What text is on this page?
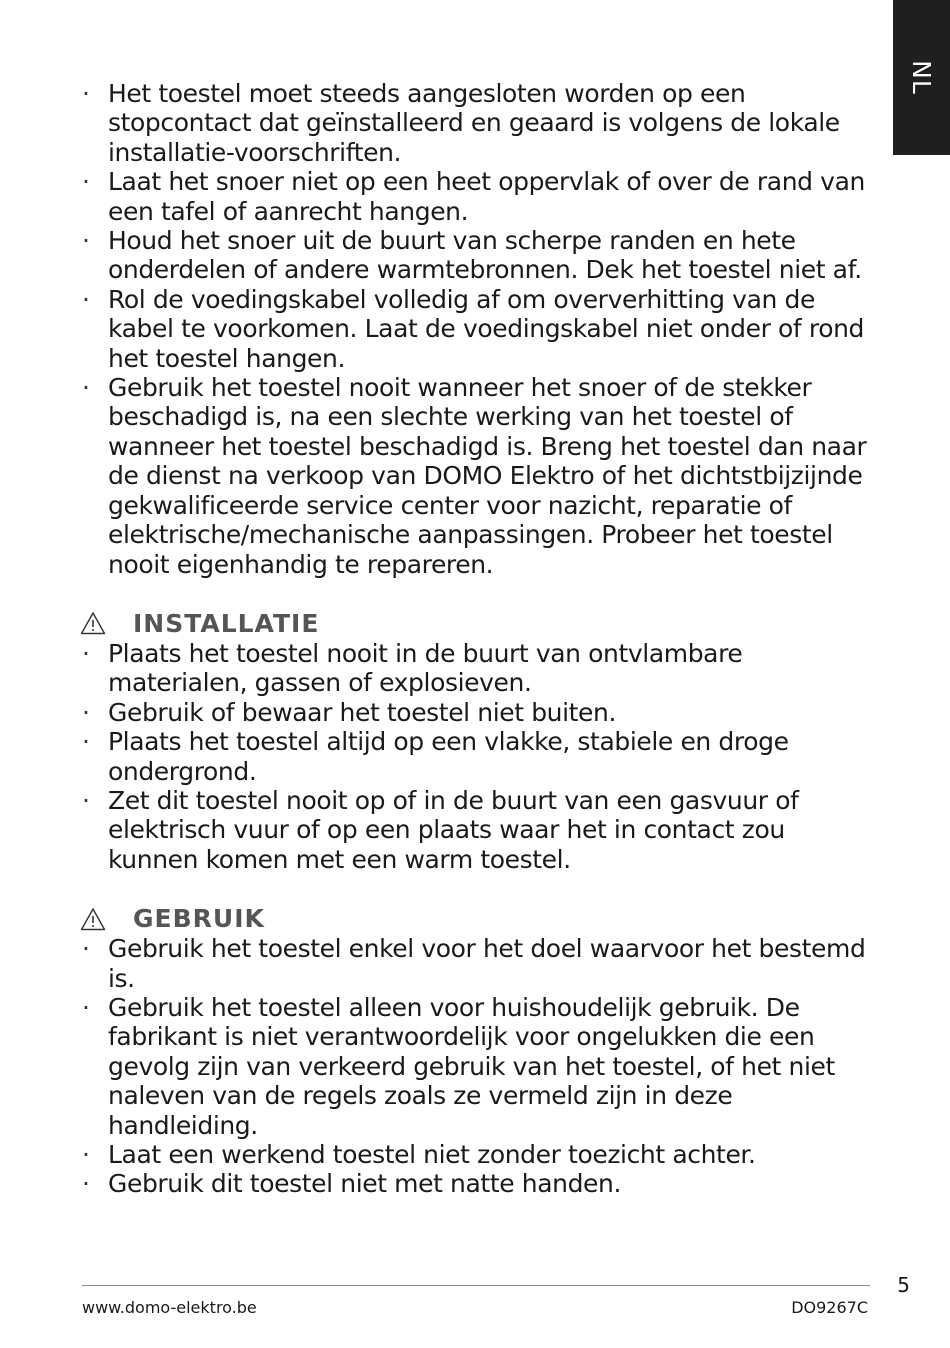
NL
· Het toestel moet steeds aangesloten worden op een stopcontact dat geïnstalleerd en geaard is volgens de lokale installatie-voorschriften.
· Laat het snoer niet op een heet oppervlak of over de rand van een tafel of aanrecht hangen.
· Houd het snoer uit de buurt van scherpe randen en hete onderdelen of andere warmtebronnen. Dek het toestel niet af.
· Rol de voedingskabel volledig af om oververhitting van de kabel te voorkomen. Laat de voedingskabel niet onder of rond het toestel hangen.
· Gebruik het toestel nooit wanneer het snoer of de stekker beschadigd is, na een slechte werking van het toestel of wanneer het toestel beschadigd is. Breng het toestel dan naar de dienst na verkoop van DOMO Elektro of het dichtstbijzijnde gekwalificeerde service center voor nazicht, reparatie of elektrische/mechanische aanpassingen. Probeer het toestel nooit eigenhandig te repareren.
INSTALLATIE
· Plaats het toestel nooit in de buurt van ontvlambare materialen, gassen of explosieven.
· Gebruik of bewaar het toestel niet buiten.
· Plaats het toestel altijd op een vlakke, stabiele en droge ondergrond.
· Zet dit toestel nooit op of in de buurt van een gasvuur of elektrisch vuur of op een plaats waar het in contact zou kunnen komen met een warm toestel.
GEBRUIK
· Gebruik het toestel enkel voor het doel waarvoor het bestemd is.
· Gebruik het toestel alleen voor huishoudelijk gebruik. De fabrikant is niet verantwoordelijk voor ongelukken die een gevolg zijn van verkeerd gebruik van het toestel, of het niet naleven van de regels zoals ze vermeld zijn in deze handleiding.
· Laat een werkend toestel niet zonder toezicht achter.
· Gebruik dit toestel niet met natte handen.
5
www.domo-elektro.be	DO9267C
